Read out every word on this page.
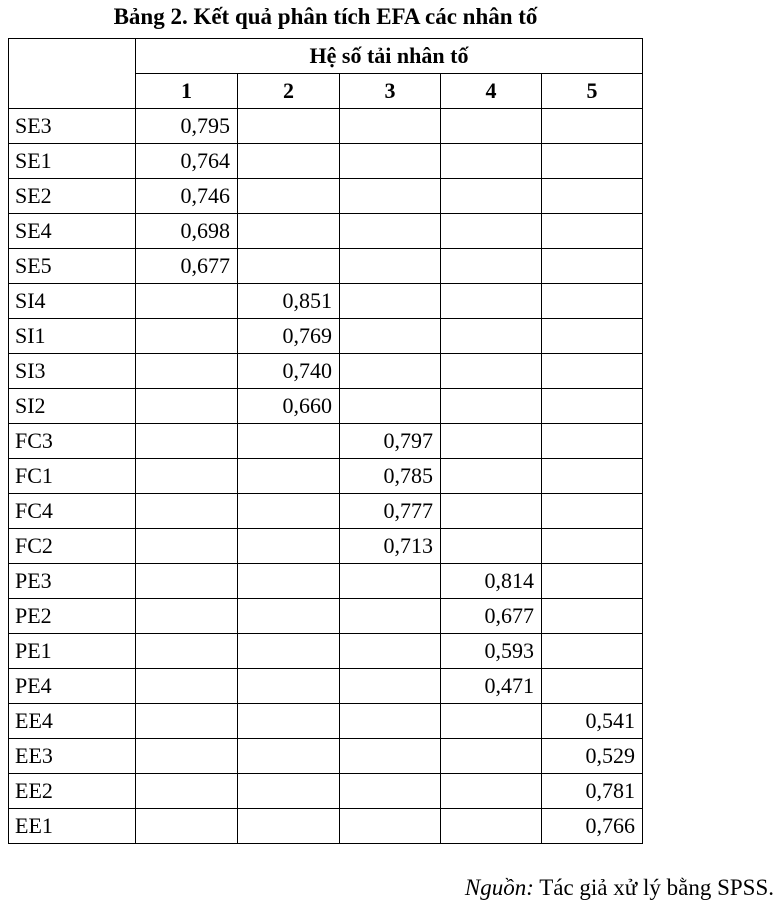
Bảng 2. Kết quả phân tích EFA các nhân tố
	Hệ số tải nhân tố				
	1	2	3	4	5
SE3	0,795				
SE1	0,764				
SE2	0,746				
SE4	0,698				
SE5	0,677				
SI4		0,851			
SI1		0,769			
SI3		0,740			
SI2		0,660			
FC3			0,797		
FC1			0,785		
FC4			0,777		
FC2			0,713		
PE3				0,814	
PE2				0,677	
PE1				0,593	
PE4				0,471	
EE4					0,541
EE3					0,529
EE2					0,781
EE1					0,766
Nguồn: Tác giả xử lý bằng SPSS.
